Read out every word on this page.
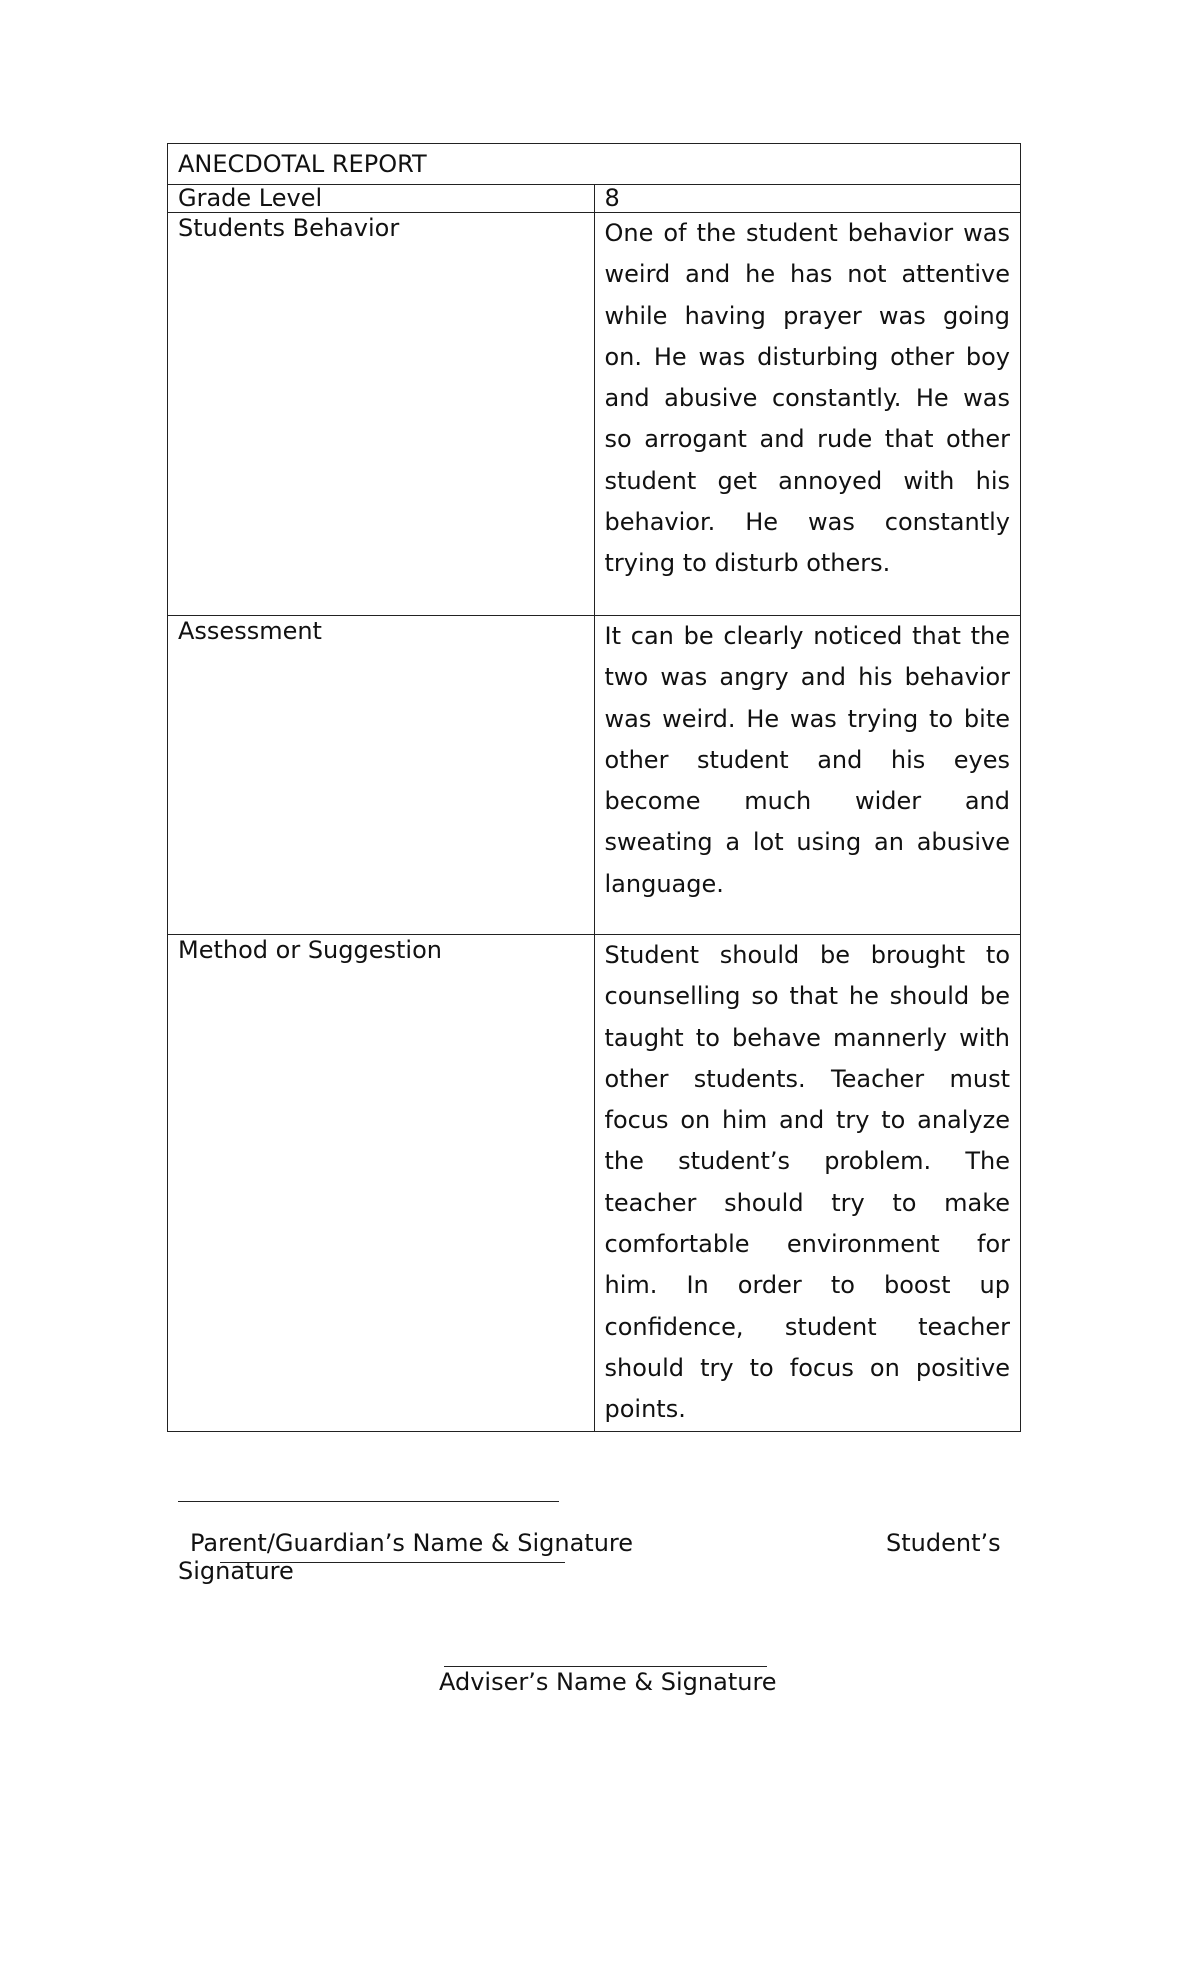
ANECDOTAL REPORT	
Grade Level	8
Students Behavior	One of the student behavior was weird and he has not attentive while having prayer was going on. He was disturbing other boy and abusive constantly. He was so arrogant and rude that other student get annoyed with his behavior. He was constantly trying to disturb others.
Assessment	It can be clearly noticed that the two was angry and his behavior was weird. He was trying to bite other student and his eyes become much wider and sweating a lot using an abusive language.
Method or Suggestion	Student should be brought to counselling so that he should be taught to behave mannerly with other students. Teacher must focus on him and try to analyze the student’s problem. The teacher should try to make comfortable environment for him. In order to boost up confidence, student teacher should try to focus on positive points.
Parent/Guardian’s Name & Signature	Student’s
Signature
Adviser’s Name & Signature
